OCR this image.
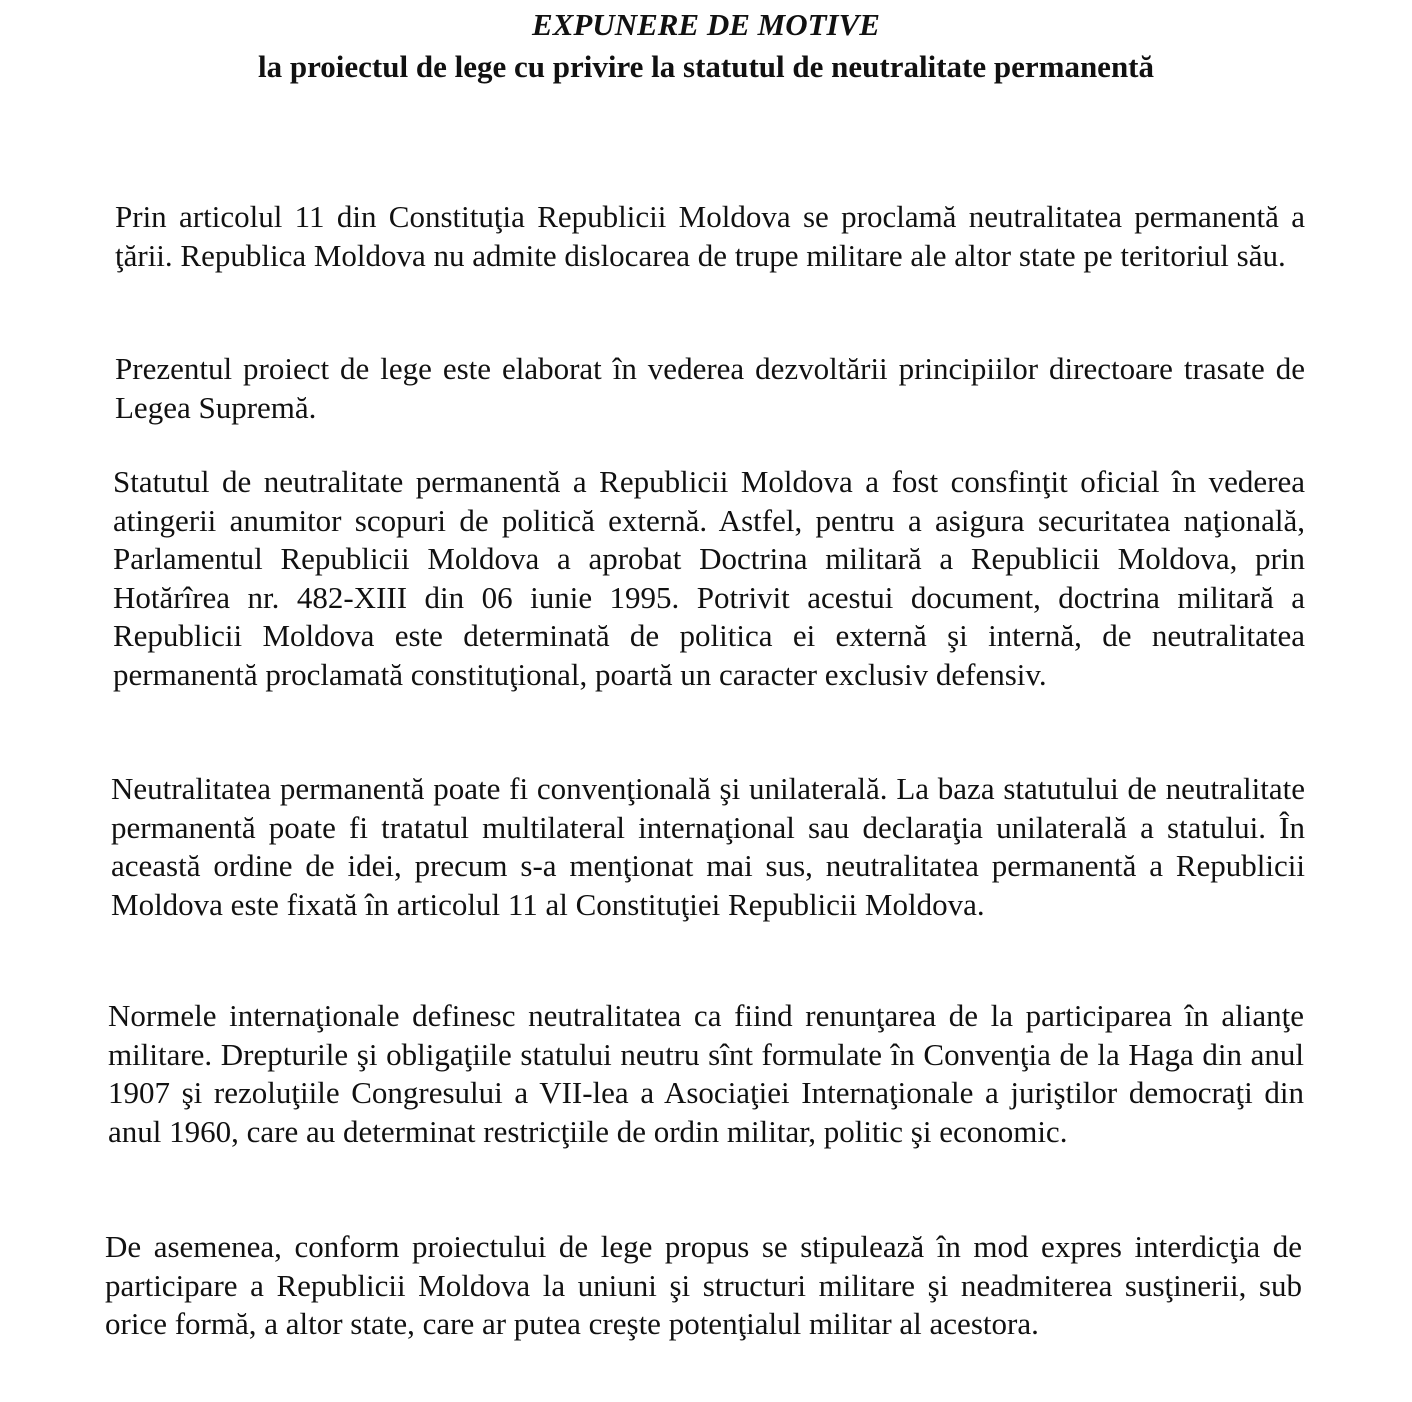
EXPUNERE DE MOTIVE
la proiectul de lege cu privire la statutul de neutralitate permanentă

Prin articolul 11 din Constituţia Republicii Moldova se proclamă neutralitatea permanentă a ţării. Republica Moldova nu admite dislocarea de trupe militare ale altor state pe teritoriul său.

Prezentul proiect de lege este elaborat în vederea dezvoltării principiilor directoare trasate de Legea Supremă.

Statutul de neutralitate permanentă a Republicii Moldova a fost consfinţit oficial în vederea atingerii anumitor scopuri de politică externă. Astfel, pentru a asigura securitatea naţională, Parlamentul Republicii Moldova a aprobat Doctrina militară a Republicii Moldova, prin Hotărîrea nr. 482-XIII din 06 iunie 1995. Potrivit acestui document, doctrina militară a Republicii Moldova este determinată de politica ei externă şi internă, de neutralitatea permanentă proclamată constituţional, poartă un caracter exclusiv defensiv.

Neutralitatea permanentă poate fi convenţională şi unilaterală. La baza statutului de neutralitate permanentă poate fi tratatul multilateral internaţional sau declaraţia unilaterală a statului. În această ordine de idei, precum s-a menţionat mai sus, neutralitatea permanentă a Republicii Moldova este fixată în articolul 11 al Constituţiei Republicii Moldova.

Normele internaţionale definesc neutralitatea ca fiind renunţarea de la participarea în alianţe militare. Drepturile şi obligaţiile statului neutru sînt formulate în Convenţia de la Haga din anul 1907 şi rezoluţiile Congresului a VII-lea a Asociaţiei Internaţionale a juriştilor democraţi din anul 1960, care au determinat restricţiile de ordin militar, politic şi economic.

De asemenea, conform proiectului de lege propus se stipulează în mod expres interdicţia de participare a Republicii Moldova la uniuni şi structuri militare şi neadmiterea susţinerii, sub orice formă, a altor state, care ar putea creşte potenţialul militar al acestora.
